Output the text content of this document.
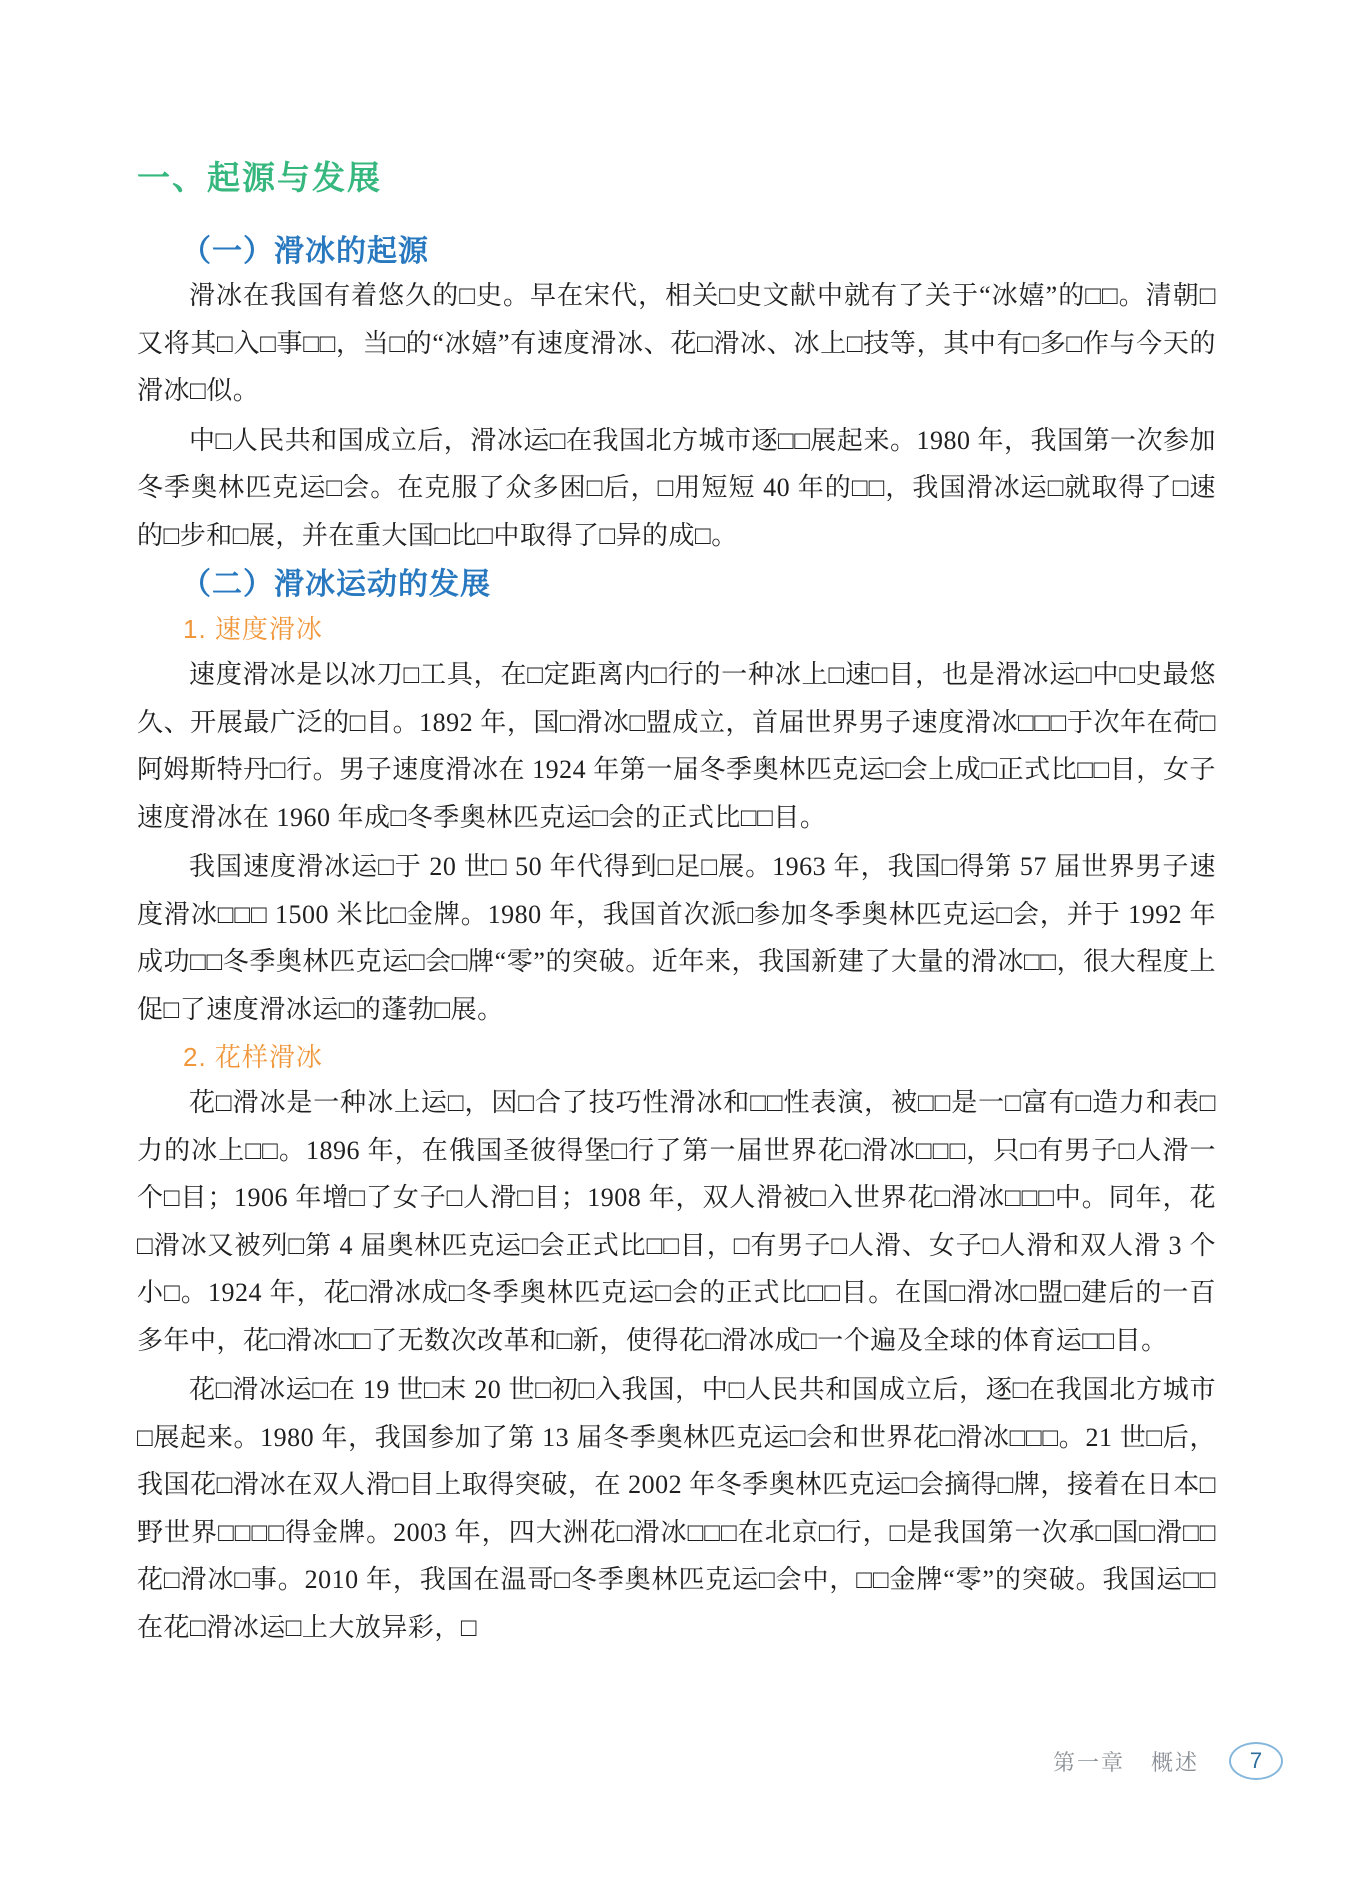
一、起源与发展
（一）滑冰的起源

滑冰在我国有着悠久的□史。早在宋代，相关□史文献中就有了关于“冰嬉”的□□。清朝□又将其□入□事□□，当□的“冰嬉”有速度滑冰、花□滑冰、冰上□技等，其中有□多□作与今天的滑冰□似。

中□人民共和国成立后，滑冰运□在我国北方城市逐□□展起来。1980 年，我国第一次参加冬季奥林匹克运□会。在克服了众多困□后，□用短短 40 年的□□，我国滑冰运□就取得了□速的□步和□展，并在重大国□比□中取得了□异的成□。

（二）滑冰运动的发展
1. 速度滑冰

速度滑冰是以冰刀□工具，在□定距离内□行的一种冰上□速□目，也是滑冰运□中□史最悠久、开展最广泛的□目。1892 年，国□滑冰□盟成立，首届世界男子速度滑冰□□□于次年在荷□阿姆斯特丹□行。男子速度滑冰在 1924 年第一届冬季奥林匹克运□会上成□正式比□□目，女子速度滑冰在 1960 年成□冬季奥林匹克运□会的正式比□□目。

我国速度滑冰运□于 20 世□ 50 年代得到□足□展。1963 年，我国□得第 57 届世界男子速度滑冰□□□ 1500 米比□金牌。1980 年，我国首次派□参加冬季奥林匹克运□会，并于 1992 年成功□□冬季奥林匹克运□会□牌“零”的突破。近年来，我国新建了大量的滑冰□□，很大程度上促□了速度滑冰运□的蓬勃□展。

2. 花样滑冰

花□滑冰是一种冰上运□，因□合了技巧性滑冰和□□性表演，被□□是一□富有□造力和表□力的冰上□□。1896 年，在俄国圣彼得堡□行了第一届世界花□滑冰□□□，只□有男子□人滑一个□目；1906 年增□了女子□人滑□目；1908 年，双人滑被□入世界花□滑冰□□□中。同年，花□滑冰又被列□第 4 届奥林匹克运□会正式比□□目，□有男子□人滑、女子□人滑和双人滑 3 个小□。1924 年，花□滑冰成□冬季奥林匹克运□会的正式比□□目。在国□滑冰□盟□建后的一百多年中，花□滑冰□□了无数次改革和□新，使得花□滑冰成□一个遍及全球的体育运□□目。

花□滑冰运□在 19 世□末 20 世□初□入我国，中□人民共和国成立后，逐□在我国北方城市□展起来。1980 年，我国参加了第 13 届冬季奥林匹克运□会和世界花□滑冰□□□。21 世□后，我国花□滑冰在双人滑□目上取得突破，在 2002 年冬季奥林匹克运□会摘得□牌，接着在日本□野世界□□□□得金牌。2003 年，四大洲花□滑冰□□□在北京□行，□是我国第一次承□国□滑□□花□滑冰□事。2010 年，我国在温哥□冬季奥林匹克运□会中，□□金牌“零”的突破。我国运□□在花□滑冰运□上大放异彩，□

第一章 概述 7
